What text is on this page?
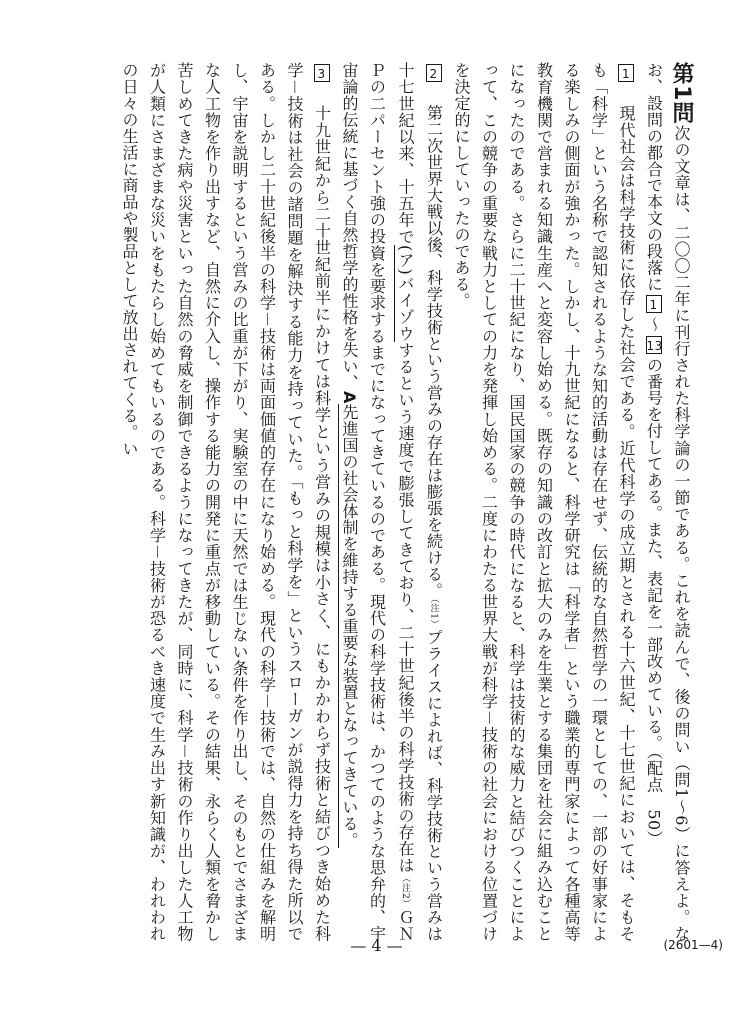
第1問次の文章は、二〇〇二年に刊行された科学論の一節である。これを読んで、後の問い（問1〜6）に答えよ。なお、設問の都合で本文の段落に1〜13の番号を付してある。また、表記を一部改めている。（配点　50）

1　現代社会は科学技術に依存した社会である。近代科学の成立期とされる十六世紀、十七世紀においては、そもそも「科学」という名称で認知されるような知的活動は存在せず、伝統的な自然哲学の一環としての、一部の好事家による楽しみの側面が強かった。しかし、十九世紀になると、科学研究は「科学者」という職業的専門家によって各種高等教育機関で営まれる知識生産へと変容し始める。既存の知識の改訂と拡大のみを生業とする集団を社会に組み込むことになったのである。さらに二十世紀になり、国民国家の競争の時代になると、科学は技術的な威力と結びつくことによって、この競争の重要な戦力としての力を発揮し始める。二度にわたる世界大戦が科学－技術の社会における位置づけを決定的にしていったのである。

2　第二次世界大戦以後、科学技術という営みの存在は膨張を続ける。（注1）プライスによれば、科学技術という営みは十七世紀以来、十五年で(ア)バイゾウするという速度で膨張してきており、二十世紀後半の科学技術の存在は（注2）ＧＮＰの二パーセント強の投資を要求するまでになってきているのである。現代の科学技術は、かつてのような思弁的、宇宙論的伝統に基づく自然哲学的性格を失い、A先進国の社会体制を維持する重要な装置となってきている。

3　十九世紀から二十世紀前半にかけては科学という営みの規模は小さく、にもかかわらず技術と結びつき始めた科学－技術は社会の諸問題を解決する能力を持っていた。「もっと科学を」というスローガンが説得力を持ち得た所以である。しかし二十世紀後半の科学－技術は両面価値的存在になり始める。現代の科学－技術では、自然の仕組みを解明し、宇宙を説明するという営みの比重が下がり、実験室の中に天然では生じない条件を作り出し、そのもとでさまざまな人工物を作り出すなど、自然に介入し、操作する能力の開発に重点が移動している。その結果、永らく人類を脅かし苦しめてきた病や災害といった自然の脅威を制御できるようになってきたが、同時に、科学－技術の作り出した人工物が人類にさまざまな災いをもたらし始めてもいるのである。科学－技術が恐るべき速度で生み出す新知識が、われわれの日々の生活に商品や製品として放出されてくる。い

— 4 —	(2601—4)
